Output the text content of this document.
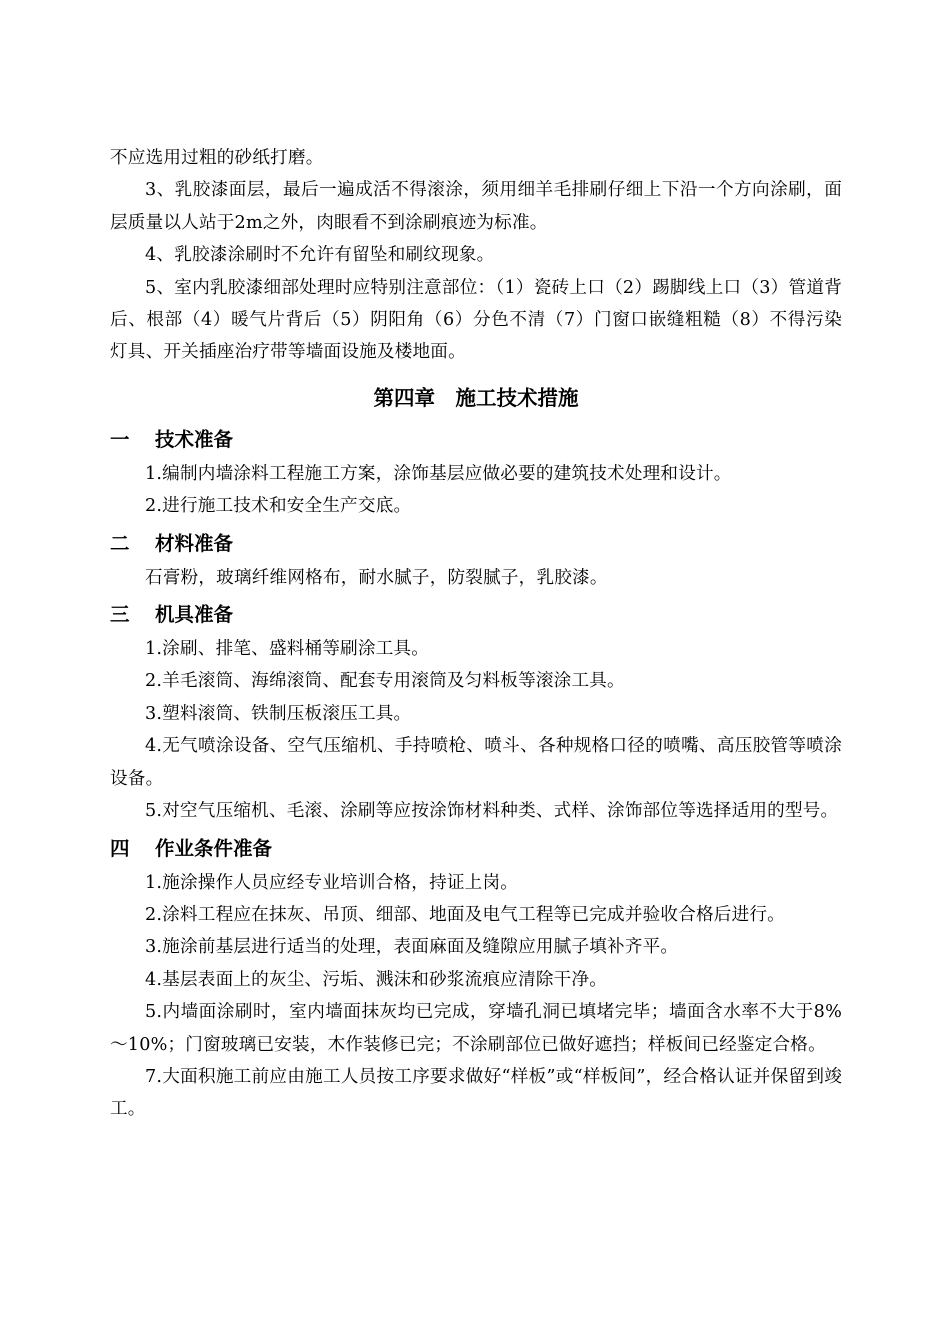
不应选用过粗的砂纸打磨。

3、乳胶漆面层，最后一遍成活不得滚涂，须用细羊毛排刷仔细上下沿一个方向涂刷，面层质量以人站于2m之外，肉眼看不到涂刷痕迹为标准。

4、乳胶漆涂刷时不允许有留坠和刷纹现象。

5、室内乳胶漆细部处理时应特别注意部位：（1）瓷砖上口（2）踢脚线上口（3）管道背后、根部（4）暖气片背后（5）阴阳角（6）分色不清（7）门窗口嵌缝粗糙（8）不得污染灯具、开关插座治疗带等墙面设施及楼地面。

第四章　施工技术措施
一	技术准备

1.编制内墙涂料工程施工方案，涂饰基层应做必要的建筑技术处理和设计。

2.进行施工技术和安全生产交底。

二	材料准备

石膏粉，玻璃纤维网格布，耐水腻子，防裂腻子，乳胶漆。

三	机具准备

1.涂刷、排笔、盛料桶等刷涂工具。

2.羊毛滚筒、海绵滚筒、配套专用滚筒及匀料板等滚涂工具。

3.塑料滚筒、铁制压板滚压工具。

4.无气喷涂设备、空气压缩机、手持喷枪、喷斗、各种规格口径的喷嘴、高压胶管等喷涂设备。

5.对空气压缩机、毛滚、涂刷等应按涂饰材料种类、式样、涂饰部位等选择适用的型号。

四	作业条件准备

1.施涂操作人员应经专业培训合格，持证上岗。

2.涂料工程应在抹灰、吊顶、细部、地面及电气工程等已完成并验收合格后进行。

3.施涂前基层进行适当的处理，表面麻面及缝隙应用腻子填补齐平。

4.基层表面上的灰尘、污垢、溅沫和砂浆流痕应清除干净。

5.内墙面涂刷时，室内墙面抹灰均已完成，穿墙孔洞已填堵完毕；墙面含水率不大于8%～10%；门窗玻璃已安装，木作装修已完；不涂刷部位已做好遮挡；样板间已经鉴定合格。

7.大面积施工前应由施工人员按工序要求做好“样板”或“样板间”，经合格认证并保留到竣工。
